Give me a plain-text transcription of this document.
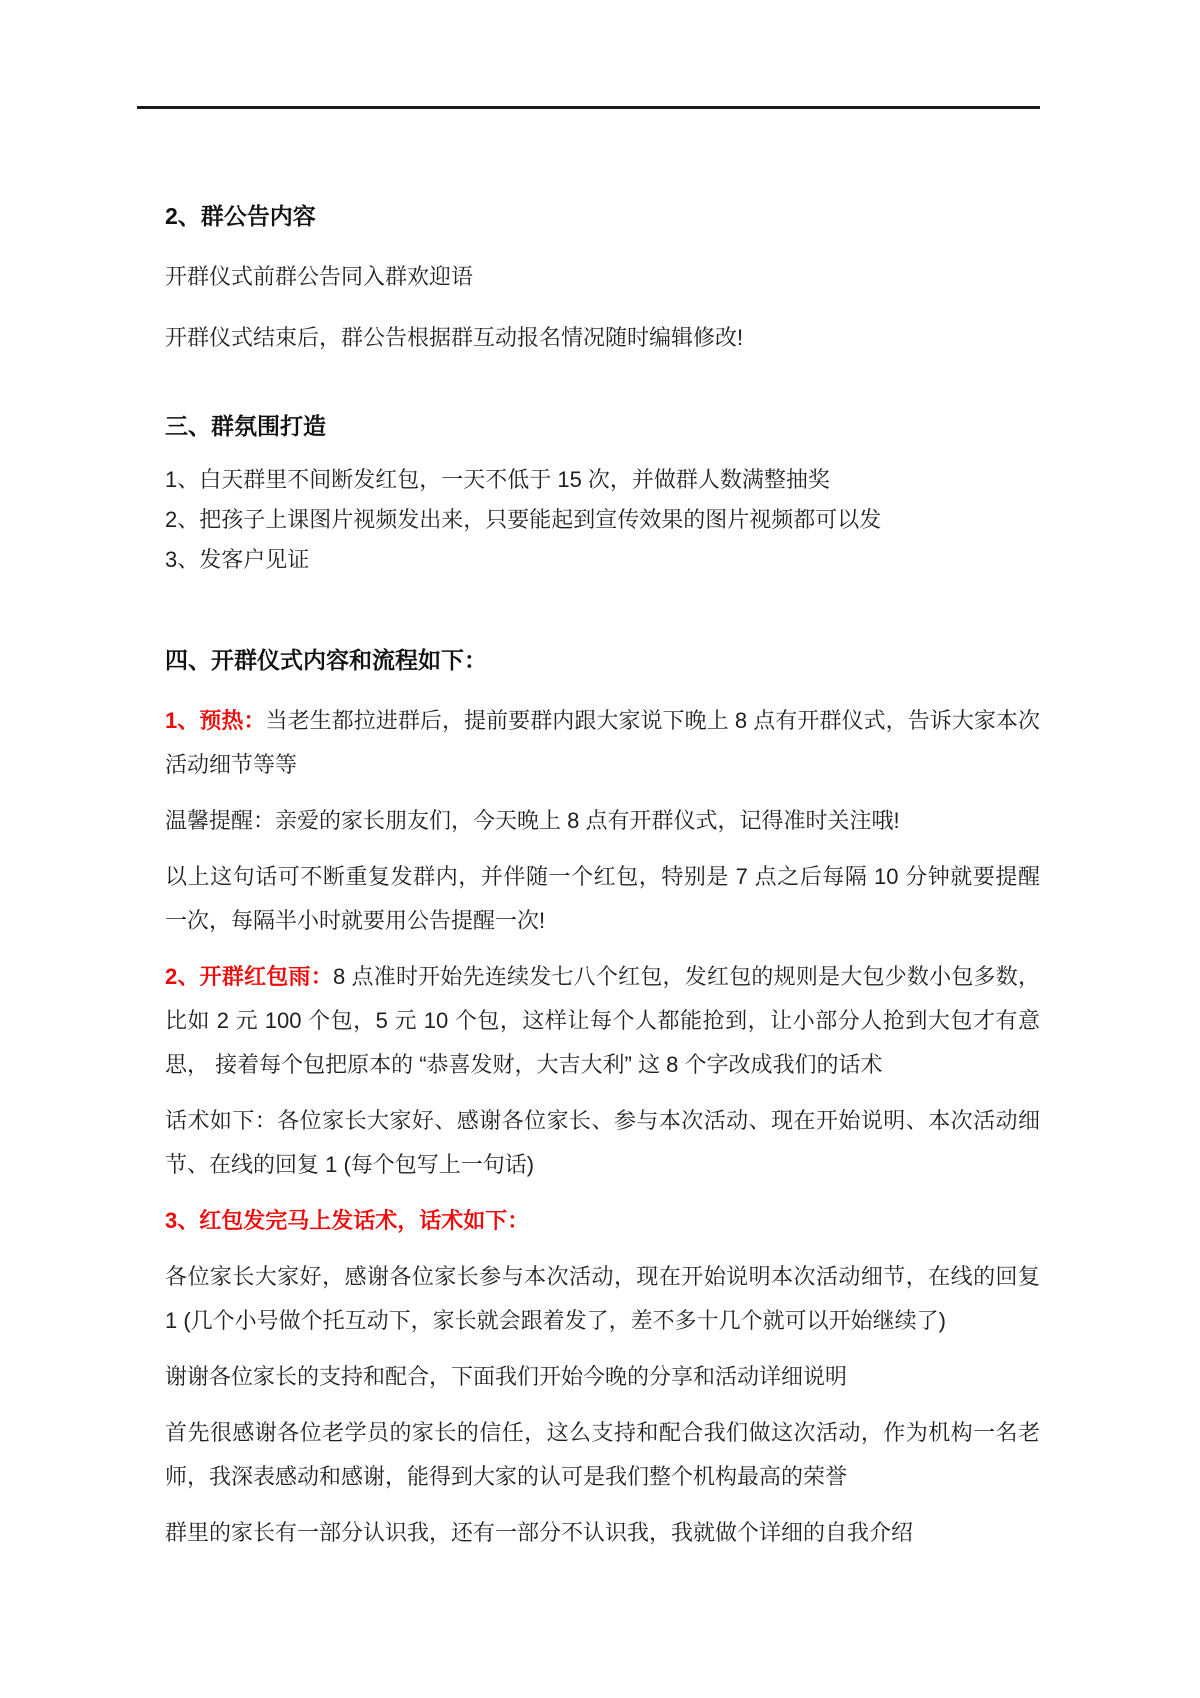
2、群公告内容

开群仪式前群公告同入群欢迎语

开群仪式结束后，群公告根据群互动报名情况随时编辑修改!

三、群氛围打造

1、白天群里不间断发红包，一天不低于 15 次，并做群人数满整抽奖

2、把孩子上课图片视频发出来，只要能起到宣传效果的图片视频都可以发

3、发客户见证

四、开群仪式内容和流程如下：

1、预热：当老生都拉进群后，提前要群内跟大家说下晚上 8 点有开群仪式，告诉大家本次活动细节等等

温馨提醒：亲爱的家长朋友们，今天晚上 8 点有开群仪式，记得准时关注哦!

以上这句话可不断重复发群内，并伴随一个红包，特别是 7 点之后每隔 10 分钟就要提醒一次，每隔半小时就要用公告提醒一次!

2、开群红包雨：8 点准时开始先连续发七八个红包，发红包的规则是大包少数小包多数，比如 2 元 100 个包，5 元 10 个包，这样让每个人都能抢到，让小部分人抢到大包才有意思， 接着每个包把原本的 “恭喜发财，大吉大利” 这 8 个字改成我们的话术

话术如下：各位家长大家好、感谢各位家长、参与本次活动、现在开始说明、本次活动细节、在线的回复 1 (每个包写上一句话)

3、红包发完马上发话术，话术如下：

各位家长大家好，感谢各位家长参与本次活动，现在开始说明本次活动细节，在线的回复 1 (几个小号做个托互动下，家长就会跟着发了，差不多十几个就可以开始继续了)

谢谢各位家长的支持和配合，下面我们开始今晚的分享和活动详细说明

首先很感谢各位老学员的家长的信任，这么支持和配合我们做这次活动，作为机构一名老师，我深表感动和感谢，能得到大家的认可是我们整个机构最高的荣誉

群里的家长有一部分认识我，还有一部分不认识我，我就做个详细的自我介绍
